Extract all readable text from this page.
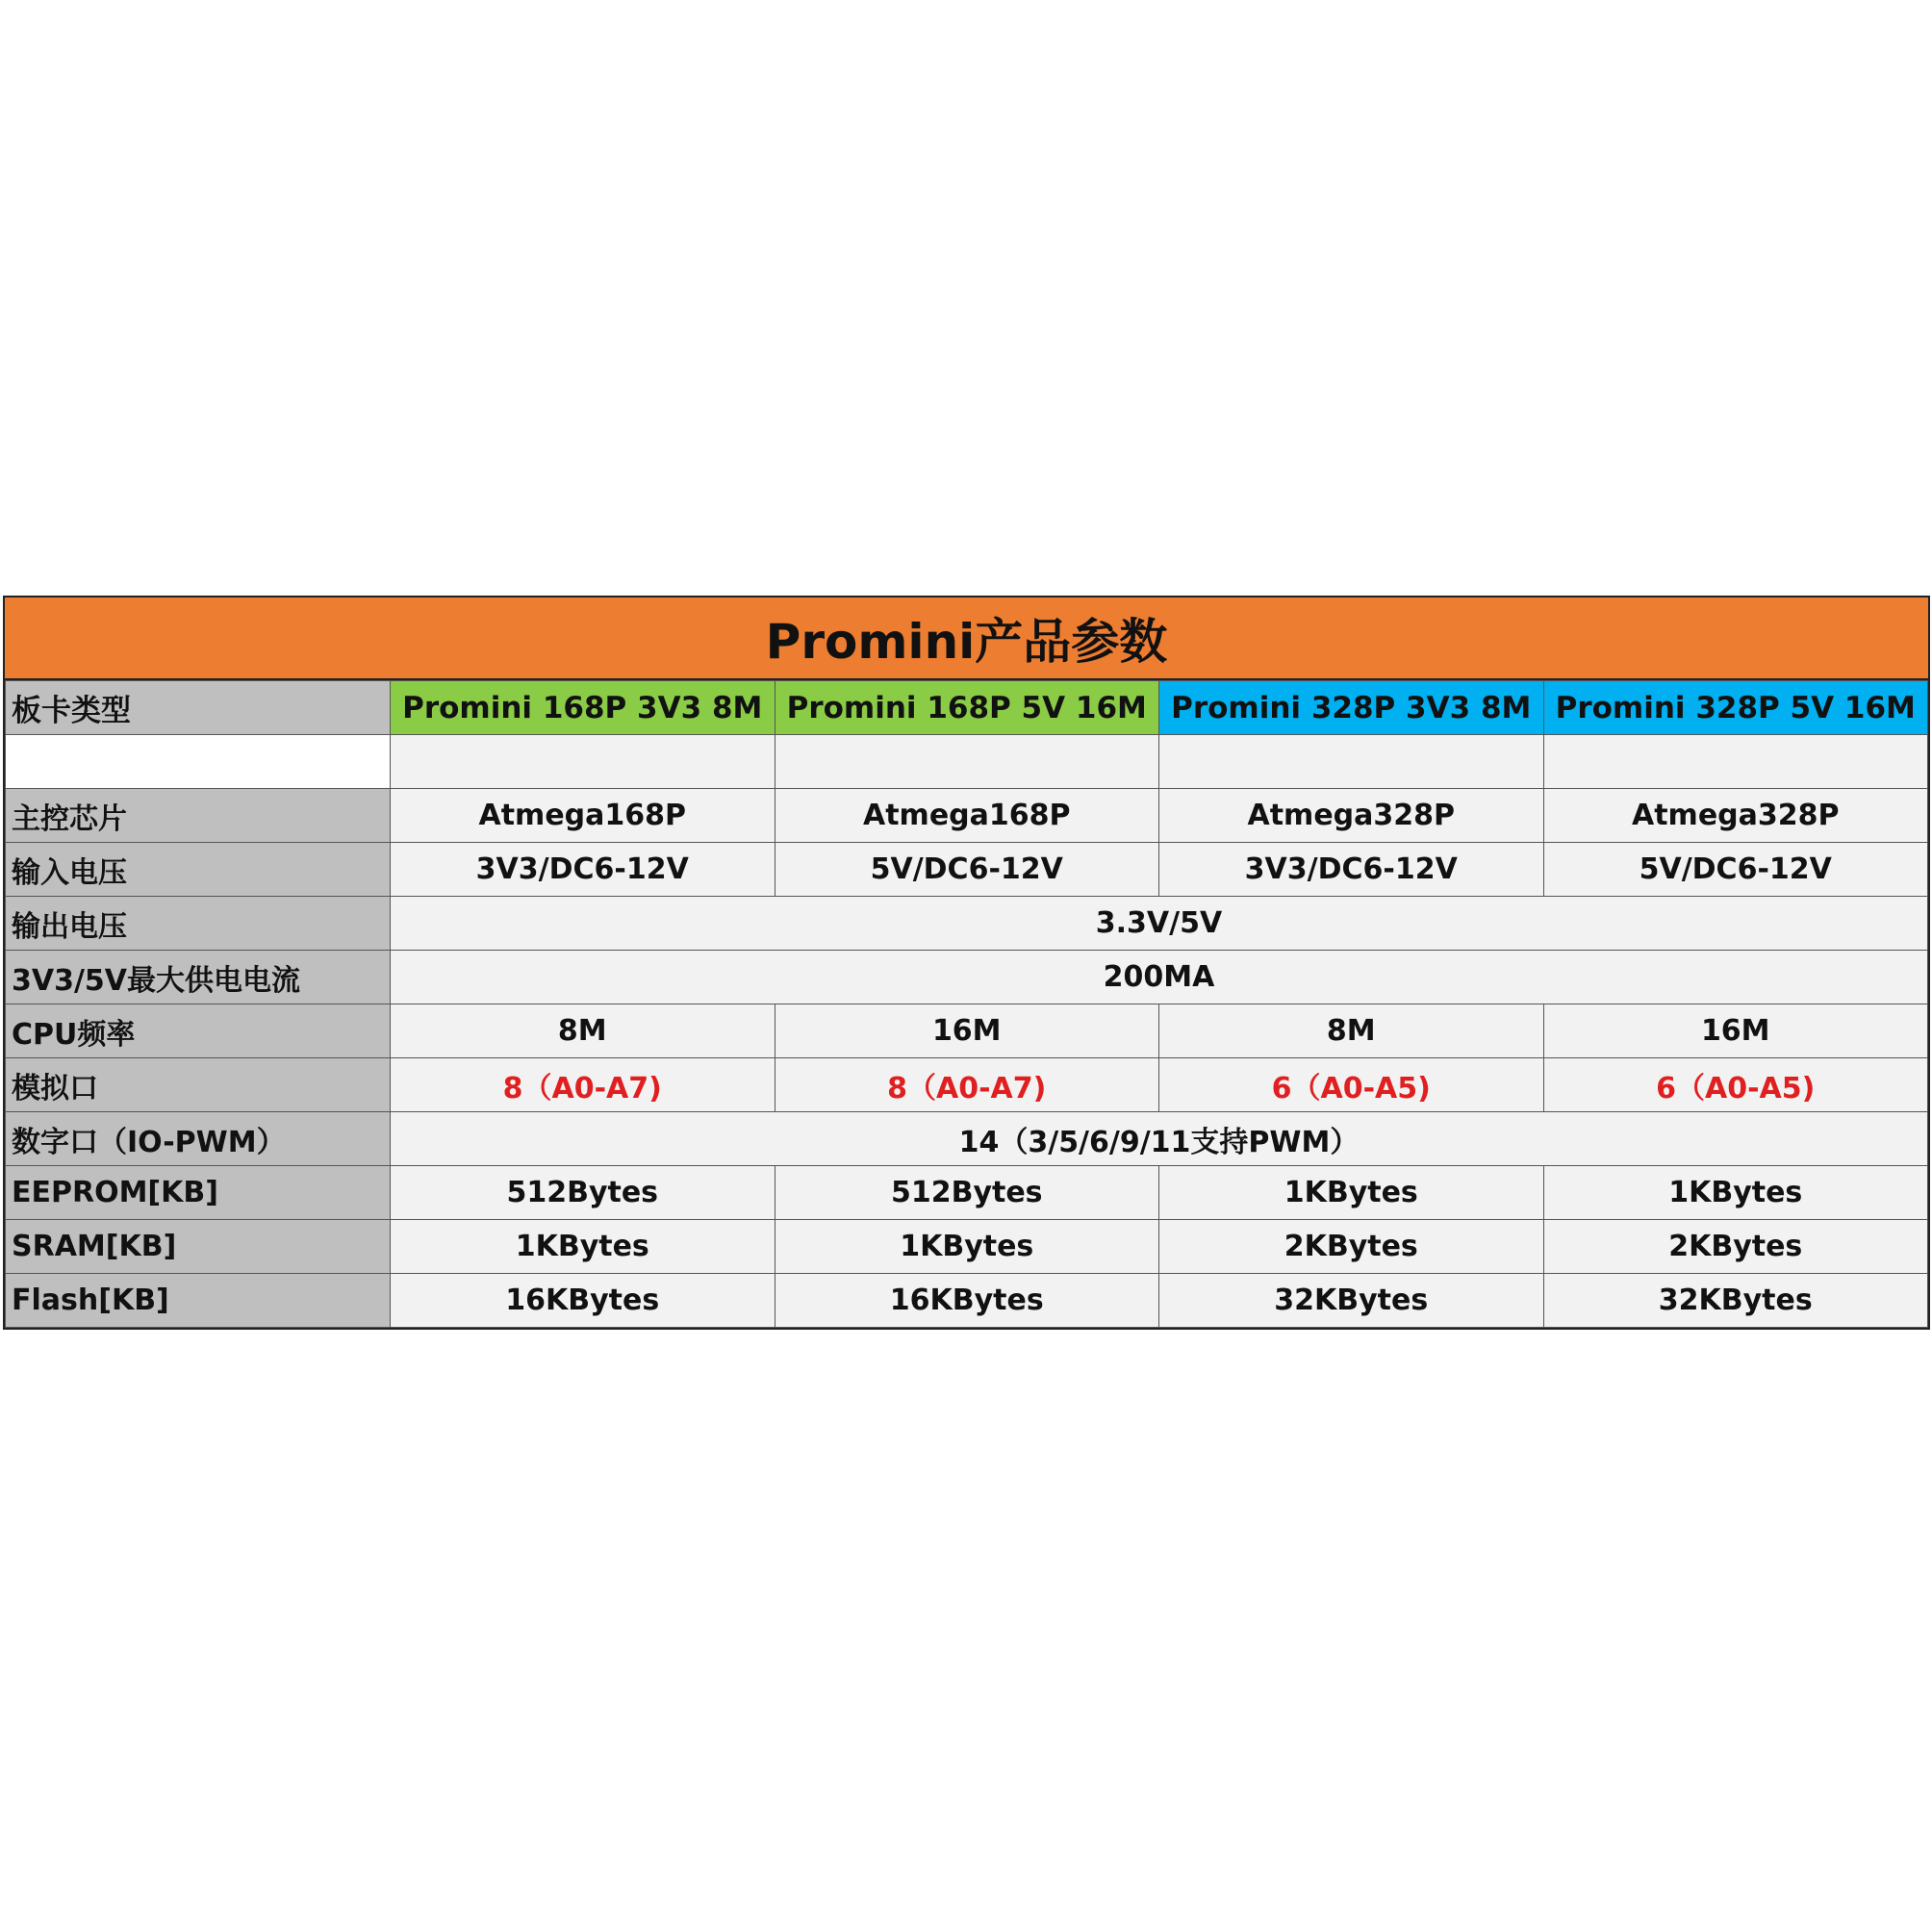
Promini产品参数
板卡类型	Promini 168P 3V3 8M	Promini 168P 5V 16M	Promini 328P 3V3 8M	Promini 328P 5V 16M

主控芯片	Atmega168P	Atmega168P	Atmega328P	Atmega328P
输入电压	3V3/DC6-12V	5V/DC6-12V	3V3/DC6-12V	5V/DC6-12V
输出电压	3.3V/5V			
3V3/5V最大供电电流	200MA			
CPU频率	8M	16M	8M	16M
模拟口	8（A0-A7)	8（A0-A7)	6（A0-A5)	6（A0-A5)
数字口（IO-PWM）	14（3/5/6/9/11支持PWM）			
EEPROM[KB]	512Bytes	512Bytes	1KBytes	1KBytes
SRAM[KB]	1KBytes	1KBytes	2KBytes	2KBytes
Flash[KB]	16KBytes	16KBytes	32KBytes	32KBytes
